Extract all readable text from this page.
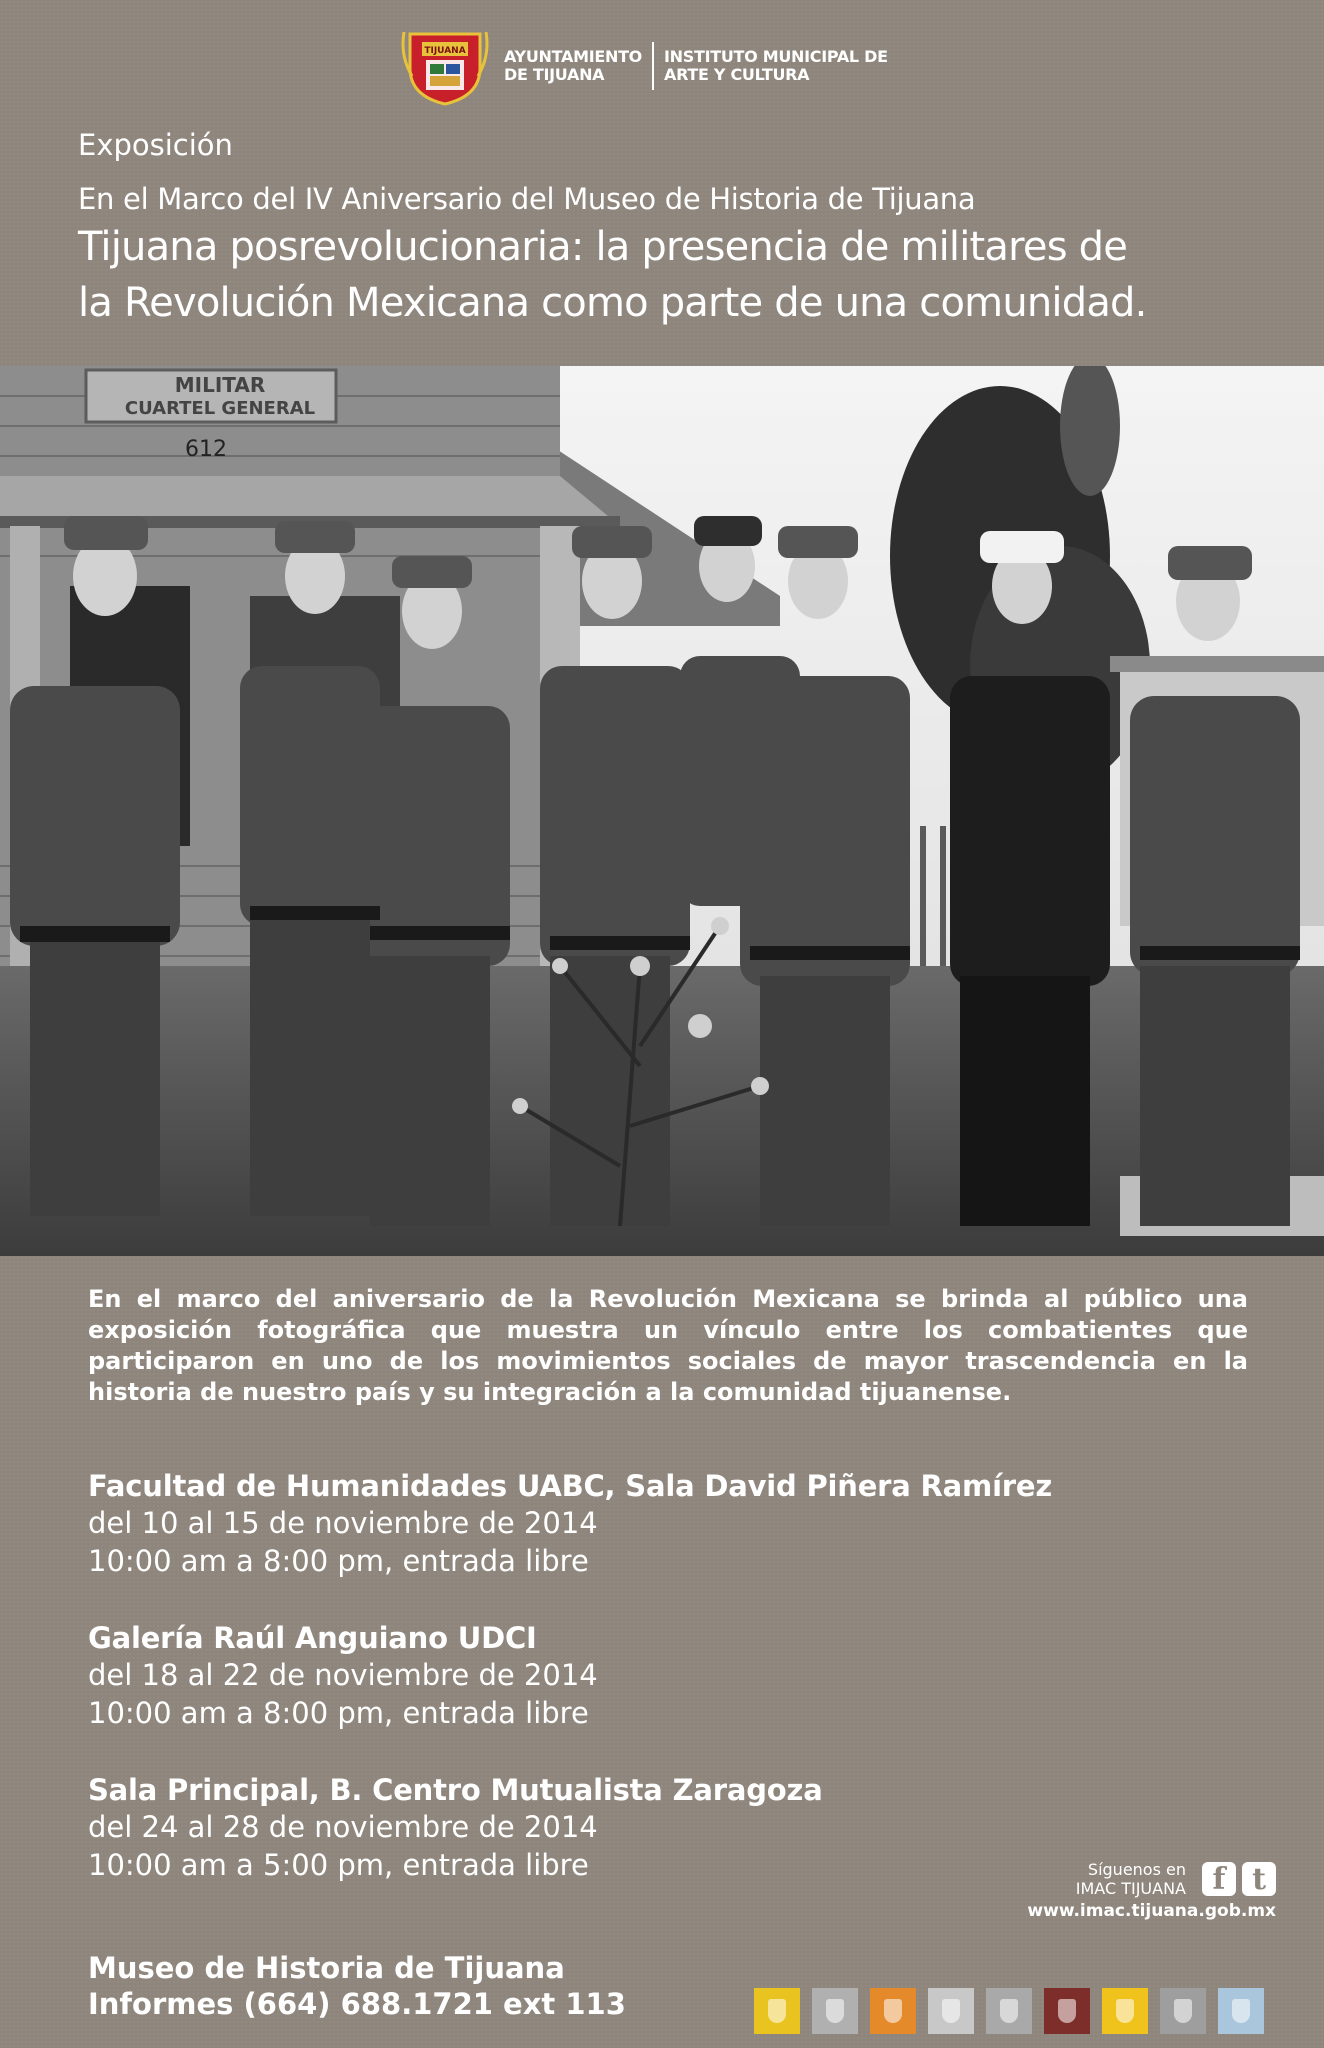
TIJUANA AYUNTAMIENTO
DE TIJUANA
INSTITUTO MUNICIPAL DE
ARTE Y CULTURA
Exposición
En el Marco del IV Aniversario del Museo de Historia de Tijuana
Tijuana posrevolucionaria: la presencia de militares de
la Revolución Mexicana como parte de una comunidad.
MILITAR
CUARTEL GENERAL
612
En el marco del aniversario de la Revolución Mexicana se brinda al público una exposición fotográfica que muestra un vínculo entre los combatientes que participaron en uno de los movimientos sociales de mayor trascendencia en la historia de nuestro país y su integración a la comunidad tijuanense.
Facultad de Humanidades UABC, Sala David Piñera Ramírez
del 10 al 15 de noviembre de 2014
10:00 am a 8:00 pm, entrada libre
Galería Raúl Anguiano UDCI
del 18 al 22 de noviembre de 2014
10:00 am a 8:00 pm, entrada libre
Sala Principal, B. Centro Mutualista Zaragoza
del 24 al 28 de noviembre de 2014
10:00 am a 5:00 pm, entrada libre	Síguenos en
IMAC TIJUANA f t
www.imac.tijuana.gob.mx
Museo de Historia de Tijuana
Informes (664) 688.1721 ext 113
